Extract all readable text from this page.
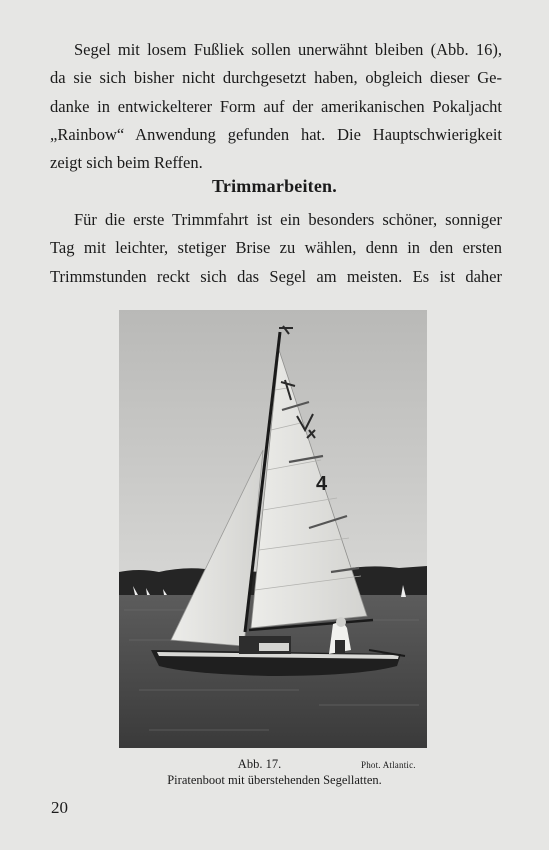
Segel mit losem Fußliek sollen unerwähnt bleiben (Abb. 16),
da sie sich bisher nicht durchgesetzt haben, obgleich dieser Ge-
danke in entwickelterer Form auf der amerikanischen Pokaljacht
„Rainbow“ Anwendung gefunden hat. Die Hauptschwierigkeit
zeigt sich beim Reffen.
Trimmarbeiten.
Für die erste Trimmfahrt ist ein besonders schöner, sonniger
Tag mit leichter, stetiger Brise zu wählen, denn in den ersten
Trimmstunden reckt sich das Segel am meisten. Es ist daher
4
Phot. Atlantic.
Abb. 17.
Piratenboot mit überstehenden Segellatten.
20
